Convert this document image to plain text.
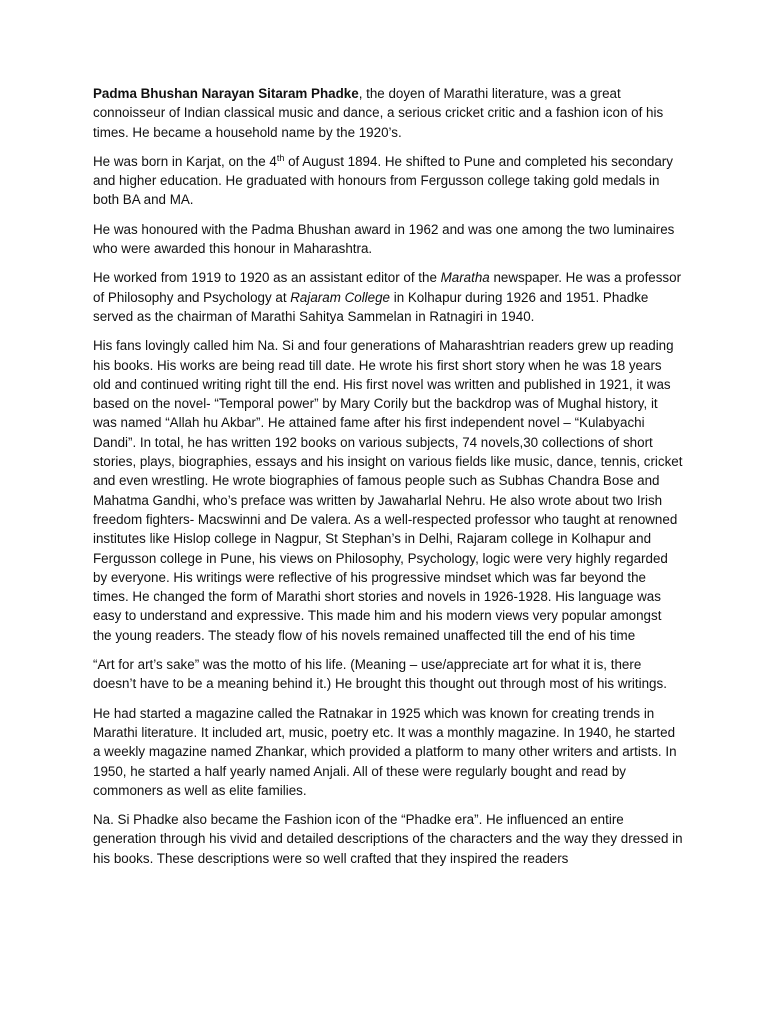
Padma Bhushan Narayan Sitaram Phadke, the doyen of Marathi literature, was a great connoisseur of Indian classical music and dance, a serious cricket critic and a fashion icon of his times. He became a household name by the 1920’s.

He was born in Karjat, on the 4th of August 1894. He shifted to Pune and completed his secondary and higher education. He graduated with honours from Fergusson college taking gold medals in both BA and MA.

He was honoured with the Padma Bhushan award in 1962 and was one among the two luminaires who were awarded this honour in Maharashtra.

He worked from 1919 to 1920 as an assistant editor of the Maratha newspaper. He was a professor of Philosophy and Psychology at Rajaram College in Kolhapur during 1926 and 1951. Phadke served as the chairman of Marathi Sahitya Sammelan in Ratnagiri in 1940.

His fans lovingly called him Na. Si and four generations of Maharashtrian readers grew up reading his books. His works are being read till date. He wrote his first short story when he was 18 years old and continued writing right till the end. His first novel was written and published in 1921, it was based on the novel- “Temporal power” by Mary Corily but the backdrop was of Mughal history, it was named “Allah hu Akbar”. He attained fame after his first independent novel – “Kulabyachi Dandi”. In total, he has written 192 books on various subjects, 74 novels,30 collections of short stories, plays, biographies, essays and his insight on various fields like music, dance, tennis, cricket and even wrestling. He wrote biographies of famous people such as Subhas Chandra Bose and Mahatma Gandhi, who’s preface was written by Jawaharlal Nehru. He also wrote about two Irish freedom fighters- Macswinni and De valera. As a well-respected professor who taught at renowned institutes like Hislop college in Nagpur, St Stephan’s in Delhi, Rajaram college in Kolhapur and Fergusson college in Pune, his views on Philosophy, Psychology, logic were very highly regarded by everyone. His writings were reflective of his progressive mindset which was far beyond the times. He changed the form of Marathi short stories and novels in 1926-1928. His language was easy to understand and expressive. This made him and his modern views very popular amongst the young readers. The steady flow of his novels remained unaffected till the end of his time

“Art for art’s sake” was the motto of his life. (Meaning – use/appreciate art for what it is, there doesn’t have to be a meaning behind it.) He brought this thought out through most of his writings.

He had started a magazine called the Ratnakar in 1925 which was known for creating trends in Marathi literature. It included art, music, poetry etc. It was a monthly magazine. In 1940, he started a weekly magazine named Zhankar, which provided a platform to many other writers and artists. In 1950, he started a half yearly named Anjali. All of these were regularly bought and read by commoners as well as elite families.

Na. Si Phadke also became the Fashion icon of the “Phadke era”. He influenced an entire generation through his vivid and detailed descriptions of the characters and the way they dressed in his books. These descriptions were so well crafted that they inspired the readers
